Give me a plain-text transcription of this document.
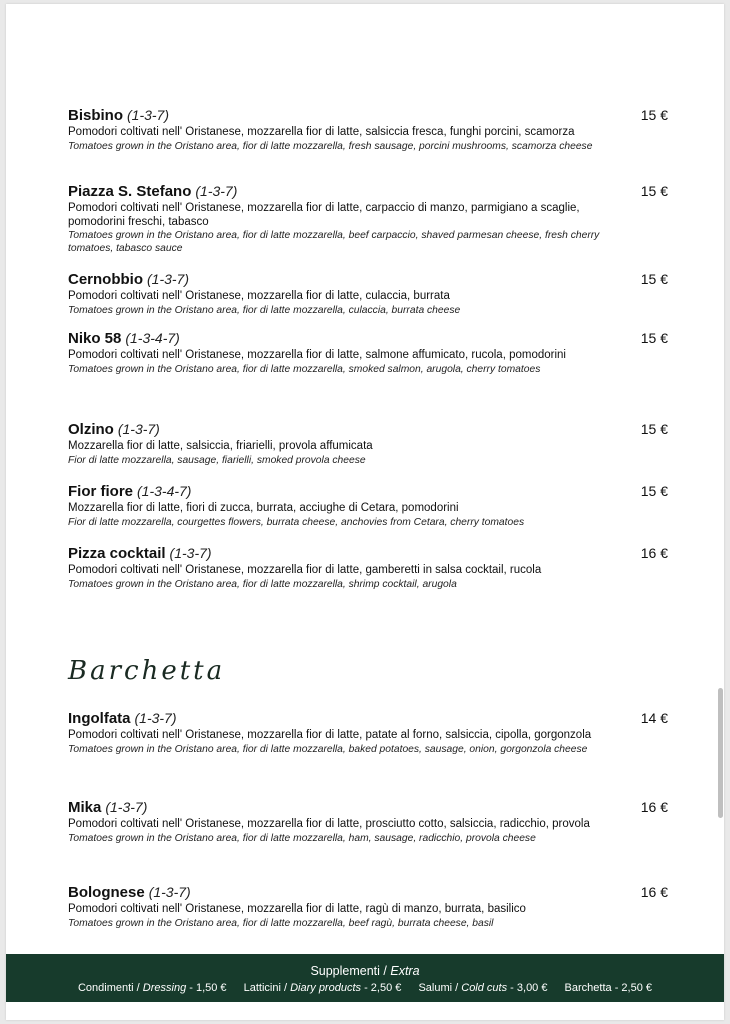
Bisbino (1-3-7)	15 €
Pomodori coltivati nell' Oristanese, mozzarella fior di latte, salsiccia fresca, funghi porcini, scamorza
Tomatoes grown in the Oristano area, fior di latte mozzarella, fresh sausage, porcini mushrooms, scamorza cheese
Piazza S. Stefano (1-3-7)	15 €
Pomodori coltivati nell' Oristanese, mozzarella fior di latte, carpaccio di manzo, parmigiano a scaglie, pomodorini freschi, tabasco
Tomatoes grown in the Oristano area, fior di latte mozzarella, beef carpaccio, shaved parmesan cheese, fresh cherry tomatoes, tabasco sauce
Cernobbio (1-3-7)	15 €
Pomodori coltivati nell' Oristanese, mozzarella fior di latte, culaccia, burrata
Tomatoes grown in the Oristano area, fior di latte mozzarella, culaccia, burrata cheese
Niko 58 (1-3-4-7)	15 €
Pomodori coltivati nell' Oristanese, mozzarella fior di latte, salmone affumicato, rucola, pomodorini
Tomatoes grown in the Oristano area, fior di latte mozzarella, smoked salmon, arugola, cherry tomatoes
Olzino (1-3-7)	15 €
Mozzarella fior di latte, salsiccia, friarielli, provola affumicata
Fior di latte mozzarella, sausage, fiarielli, smoked provola cheese
Fior fiore (1-3-4-7)	15 €
Mozzarella fior di latte, fiori di zucca, burrata, acciughe di Cetara, pomodorini
Fior di latte mozzarella, courgettes flowers, burrata cheese, anchovies from Cetara, cherry tomatoes
Pizza cocktail (1-3-7)	16 €
Pomodori coltivati nell' Oristanese, mozzarella fior di latte, gamberetti in salsa cocktail, rucola
Tomatoes grown in the Oristano area, fior di latte mozzarella, shrimp cocktail, arugola
Barchetta
Ingolfata (1-3-7)	14 €
Pomodori coltivati nell' Oristanese, mozzarella fior di latte, patate al forno, salsiccia, cipolla, gorgonzola
Tomatoes grown in the Oristano area, fior di latte mozzarella, baked potatoes, sausage, onion, gorgonzola cheese
Mika (1-3-7)	16 €
Pomodori coltivati nell' Oristanese, mozzarella fior di latte, prosciutto cotto, salsiccia, radicchio, provola
Tomatoes grown in the Oristano area, fior di latte mozzarella, ham, sausage, radicchio, provola cheese
Bolognese (1-3-7)	16 €
Pomodori coltivati nell' Oristanese, mozzarella fior di latte, ragù di manzo, burrata, basilico
Tomatoes grown in the Oristano area, fior di latte mozzarella, beef ragù, burrata cheese, basil
Supplementi / Extra
Condimenti / Dressing - 1,50 € Latticini / Diary products - 2,50 € Salumi / Cold cuts - 3,00 € Barchetta - 2,50 €
